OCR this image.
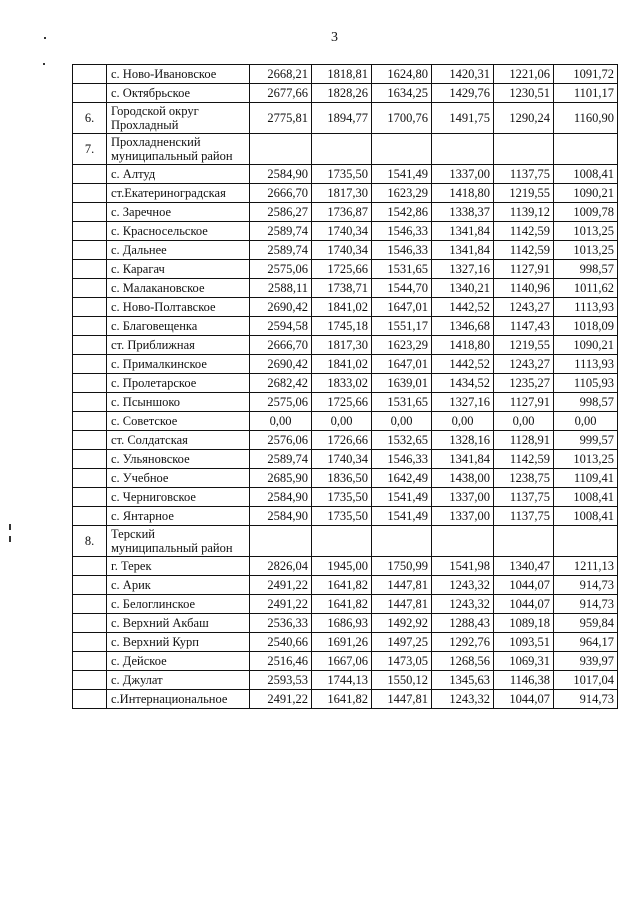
3
	с. Ново-Ивановское	2668,21	1818,81	1624,80	1420,31	1221,06	1091,72
	с. Октябрьское	2677,66	1828,26	1634,25	1429,76	1230,51	1101,17
6.	Городской округ Прохладный	2775,81	1894,77	1700,76	1491,75	1290,24	1160,90
7.	Прохладненский муниципальный район						
	с. Алтуд	2584,90	1735,50	1541,49	1337,00	1137,75	1008,41
	ст.Екатериноградская	2666,70	1817,30	1623,29	1418,80	1219,55	1090,21
	с. Заречное	2586,27	1736,87	1542,86	1338,37	1139,12	1009,78
	с. Красносельское	2589,74	1740,34	1546,33	1341,84	1142,59	1013,25
	с. Дальнее	2589,74	1740,34	1546,33	1341,84	1142,59	1013,25
	с. Карагач	2575,06	1725,66	1531,65	1327,16	1127,91	998,57
	с. Малакановское	2588,11	1738,71	1544,70	1340,21	1140,96	1011,62
	с. Ново-Полтавское	2690,42	1841,02	1647,01	1442,52	1243,27	1113,93
	с. Благовещенка	2594,58	1745,18	1551,17	1346,68	1147,43	1018,09
	ст. Приближная	2666,70	1817,30	1623,29	1418,80	1219,55	1090,21
	с. Прималкинское	2690,42	1841,02	1647,01	1442,52	1243,27	1113,93
	с. Пролетарское	2682,42	1833,02	1639,01	1434,52	1235,27	1105,93
	с. Псыншоко	2575,06	1725,66	1531,65	1327,16	1127,91	998,57
	с. Советское	0,00	0,00	0,00	0,00	0,00	0,00
	ст. Солдатская	2576,06	1726,66	1532,65	1328,16	1128,91	999,57
	с. Ульяновское	2589,74	1740,34	1546,33	1341,84	1142,59	1013,25
	с. Учебное	2685,90	1836,50	1642,49	1438,00	1238,75	1109,41
	с. Черниговское	2584,90	1735,50	1541,49	1337,00	1137,75	1008,41
	с. Янтарное	2584,90	1735,50	1541,49	1337,00	1137,75	1008,41
8.	Терский муниципальный район						
	г. Терек	2826,04	1945,00	1750,99	1541,98	1340,47	1211,13
	с. Арик	2491,22	1641,82	1447,81	1243,32	1044,07	914,73
	с. Белоглинское	2491,22	1641,82	1447,81	1243,32	1044,07	914,73
	с. Верхний Акбаш	2536,33	1686,93	1492,92	1288,43	1089,18	959,84
	с. Верхний Курп	2540,66	1691,26	1497,25	1292,76	1093,51	964,17
	с. Дейское	2516,46	1667,06	1473,05	1268,56	1069,31	939,97
	с. Джулат	2593,53	1744,13	1550,12	1345,63	1146,38	1017,04
	с.Интернациональное	2491,22	1641,82	1447,81	1243,32	1044,07	914,73
